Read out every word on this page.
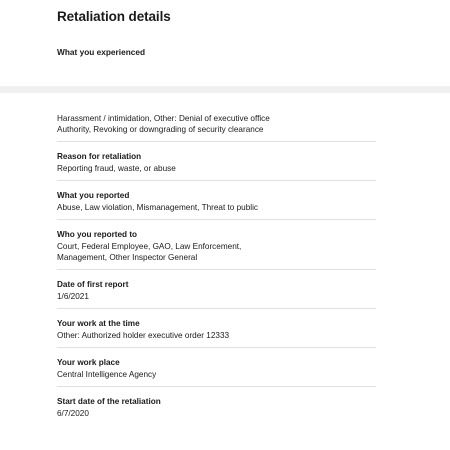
Retaliation details
What you experienced

Harassment / intimidation, Other: Denial of executive office

Authority, Revoking or downgrading of security clearance

Reason for retaliation

Reporting fraud, waste, or abuse

What you reported

Abuse, Law violation, Mismanagement, Threat to public

Who you reported to

Court, Federal Employee, GAO, Law Enforcement,

Management, Other Inspector General

Date of first report

1/6/2021

Your work at the time

Other: Authorized holder executive order 12333

Your work place

Central Intelligence Agency

Start date of the retaliation

6/7/2020
